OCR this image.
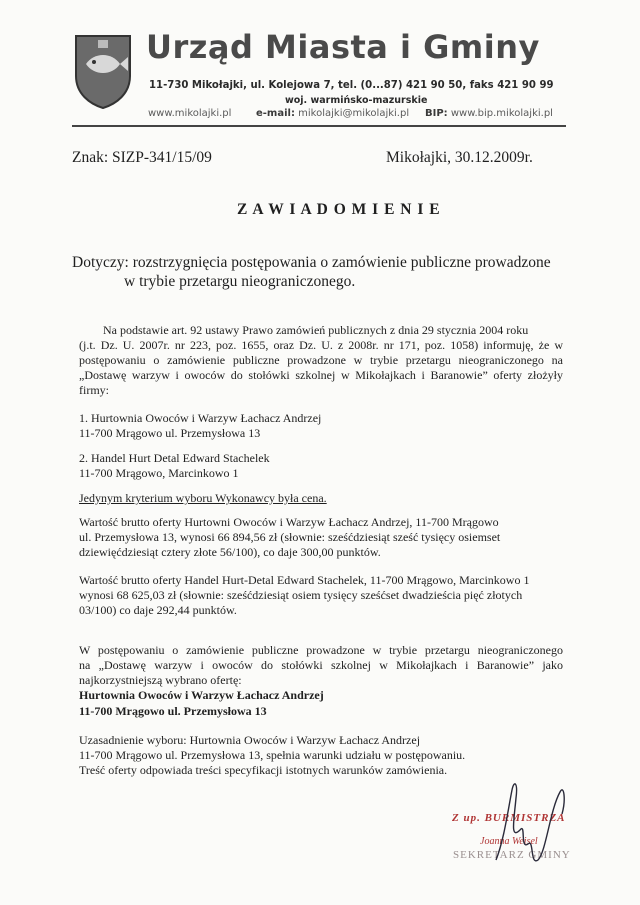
Urząd Miasta i Gminy
11-730 Mikołajki, ul. Kolejowa 7, tel. (0...87) 421 90 50, faks 421 90 99
woj. warmińsko-mazurskie
www.mikolajki.pl e-mail: mikolajki@mikolajki.pl BIP: www.bip.mikolajki.pl
Znak: SIZP-341/15/09	Mikołajki, 30.12.2009r.
Z A W I A D O M I E N I E
Dotyczy: rozstrzygnięcia postępowania o zamówienie publiczne prowadzone
w trybie przetargu nieograniczonego.
Na podstawie art. 92 ustawy Prawo zamówień publicznych z dnia 29 stycznia 2004 roku
(j.t. Dz. U. 2007r. nr 223, poz. 1655, oraz Dz. U. z 2008r. nr 171, poz. 1058) informuję, że w
postępowaniu o zamówienie publiczne prowadzone w trybie przetargu nieograniczonego na
„Dostawę warzyw i owoców do stołówki szkolnej w Mikołajkach i Baranowie” oferty złożyły
firmy:
1. Hurtownia Owoców i Warzyw Łachacz Andrzej
11-700 Mrągowo ul. Przemysłowa 13
2. Handel Hurt Detal Edward Stachelek
11-700 Mrągowo, Marcinkowo 1
Jedynym kryterium wyboru Wykonawcy była cena.
Wartość brutto oferty Hurtowni Owoców i Warzyw Łachacz Andrzej, 11-700 Mrągowo
ul. Przemysłowa 13, wynosi 66 894,56 zł (słownie: sześćdziesiąt sześć tysięcy osiemset
dziewięćdziesiąt cztery złote 56/100), co daje 300,00 punktów.
Wartość brutto oferty Handel Hurt-Detal Edward Stachelek, 11-700 Mrągowo, Marcinkowo 1
wynosi 68 625,03 zł (słownie: sześćdziesiąt osiem tysięcy sześćset dwadzieścia pięć złotych
03/100) co daje 292,44 punktów.
W postępowaniu o zamówienie publiczne prowadzone w trybie przetargu nieograniczonego
na „Dostawę warzyw i owoców do stołówki szkolnej w Mikołajkach i Baranowie” jako
najkorzystniejszą wybrano ofertę:
Hurtownia Owoców i Warzyw Łachacz Andrzej
11-700 Mrągowo ul. Przemysłowa 13
Uzasadnienie wyboru: Hurtownia Owoców i Warzyw Łachacz Andrzej
11-700 Mrągowo ul. Przemysłowa 13, spełnia warunki udziału w postępowaniu.
Treść oferty odpowiada treści specyfikacji istotnych warunków zamówienia.
Z up. BURMISTRZA
Joanna Weisel
SEKRETARZ GMINY
